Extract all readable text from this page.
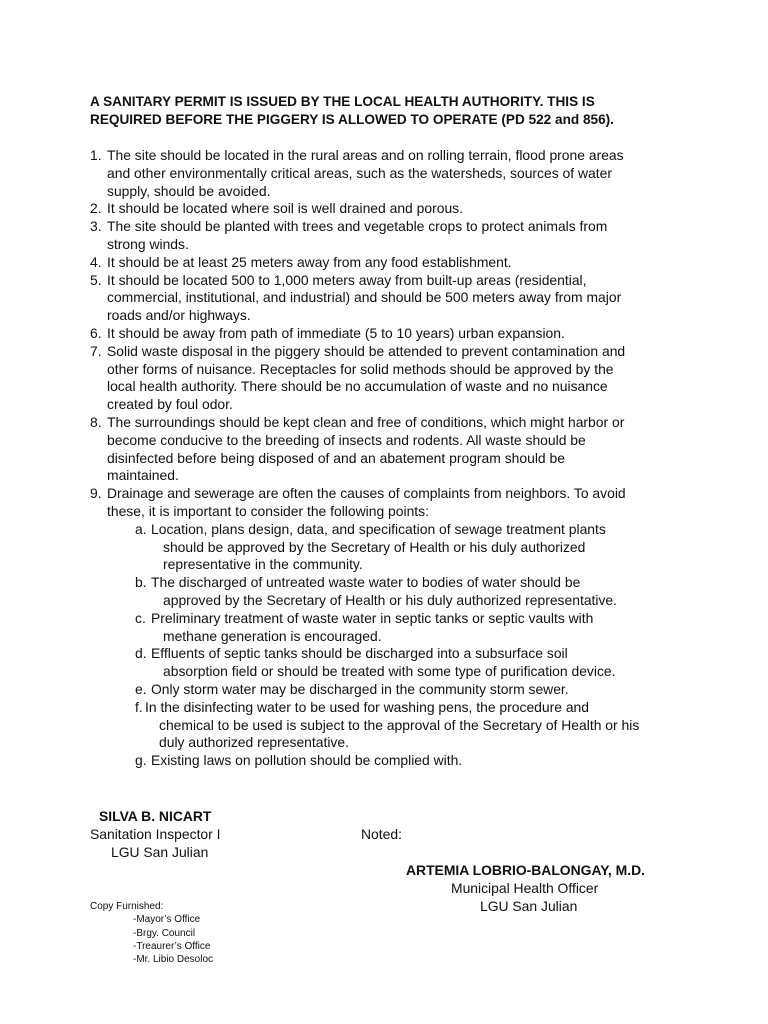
A SANITARY PERMIT IS ISSUED BY THE LOCAL HEALTH AUTHORITY. THIS IS
REQUIRED BEFORE THE PIGGERY IS ALLOWED TO OPERATE (PD 522 and 856).
1. The site should be located in the rural areas and on rolling terrain, flood prone areas
and other environmentally critical areas, such as the watersheds, sources of water
supply, should be avoided.
2. It should be located where soil is well drained and porous.
3. The site should be planted with trees and vegetable crops to protect animals from
strong winds.
4. It should be at least 25 meters away from any food establishment.
5. It should be located 500 to 1,000 meters away from built-up areas (residential,
commercial, institutional, and industrial) and should be 500 meters away from major
roads and/or highways.
6. It should be away from path of immediate (5 to 10 years) urban expansion.
7. Solid waste disposal in the piggery should be attended to prevent contamination and
other forms of nuisance. Receptacles for solid methods should be approved by the
local health authority. There should be no accumulation of waste and no nuisance
created by foul odor.
8. The surroundings should be kept clean and free of conditions, which might harbor or
become conducive to the breeding of insects and rodents. All waste should be
disinfected before being disposed of and an abatement program should be
maintained.
9. Drainage and sewerage are often the causes of complaints from neighbors. To avoid
these, it is important to consider the following points:
a. Location, plans design, data, and specification of sewage treatment plants
should be approved by the Secretary of Health or his duly authorized
representative in the community.
b. The discharged of untreated waste water to bodies of water should be
approved by the Secretary of Health or his duly authorized representative.
c. Preliminary treatment of waste water in septic tanks or septic vaults with
methane generation is encouraged.
d. Effluents of septic tanks should be discharged into a subsurface soil
absorption field or should be treated with some type of purification device.
e. Only storm water may be discharged in the community storm sewer.
f. In the disinfecting water to be used for washing pens, the procedure and
chemical to be used is subject to the approval of the Secretary of Health or his
duly authorized representative.
g. Existing laws on pollution should be complied with.
SILVA B. NICART
Sanitation Inspector I
LGU San Julian
Noted:
ARTEMIA LOBRIO-BALONGAY, M.D.
Municipal Health Officer
LGU San Julian
Copy Furnished:
-Mayor’s Office
-Brgy. Council
-Treaurer’s Office
-Mr. Libio Desoloc
